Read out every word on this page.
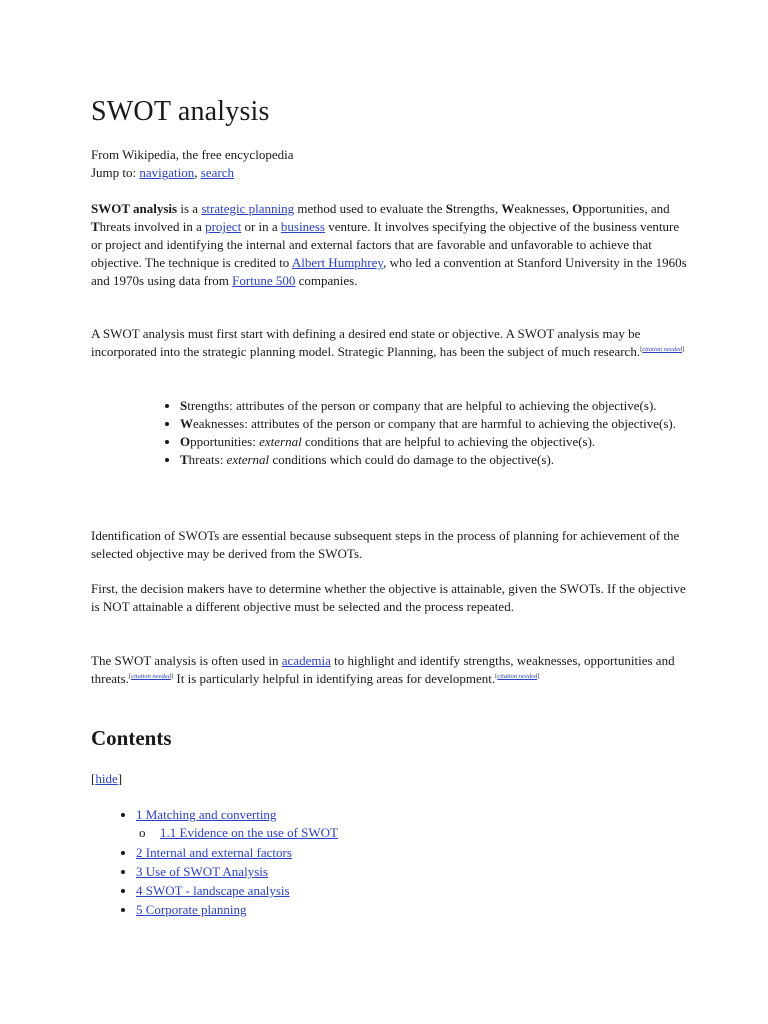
SWOT analysis
From Wikipedia, the free encyclopedia
Jump to: navigation, search

SWOT analysis is a strategic planning method used to evaluate the Strengths, Weaknesses, Opportunities, and Threats involved in a project or in a business venture. It involves specifying the objective of the business venture or project and identifying the internal and external factors that are favorable and unfavorable to achieve that objective. The technique is credited to Albert Humphrey, who led a convention at Stanford University in the 1960s and 1970s using data from Fortune 500 companies.

A SWOT analysis must first start with defining a desired end state or objective. A SWOT analysis may be incorporated into the strategic planning model. Strategic Planning, has been the subject of much research.[citation needed]

• Strengths: attributes of the person or company that are helpful to achieving the objective(s).
• Weaknesses: attributes of the person or company that are harmful to achieving the objective(s).
• Opportunities: external conditions that are helpful to achieving the objective(s).
• Threats: external conditions which could do damage to the objective(s).

Identification of SWOTs are essential because subsequent steps in the process of planning for achievement of the selected objective may be derived from the SWOTs.

First, the decision makers have to determine whether the objective is attainable, given the SWOTs. If the objective is NOT attainable a different objective must be selected and the process repeated.

The SWOT analysis is often used in academia to highlight and identify strengths, weaknesses, opportunities and threats.[citation needed] It is particularly helpful in identifying areas for development.[citation needed]

Contents
[hide]
• 1 Matching and converting
o 1.1 Evidence on the use of SWOT
• 2 Internal and external factors
• 3 Use of SWOT Analysis
• 4 SWOT - landscape analysis
• 5 Corporate planning
